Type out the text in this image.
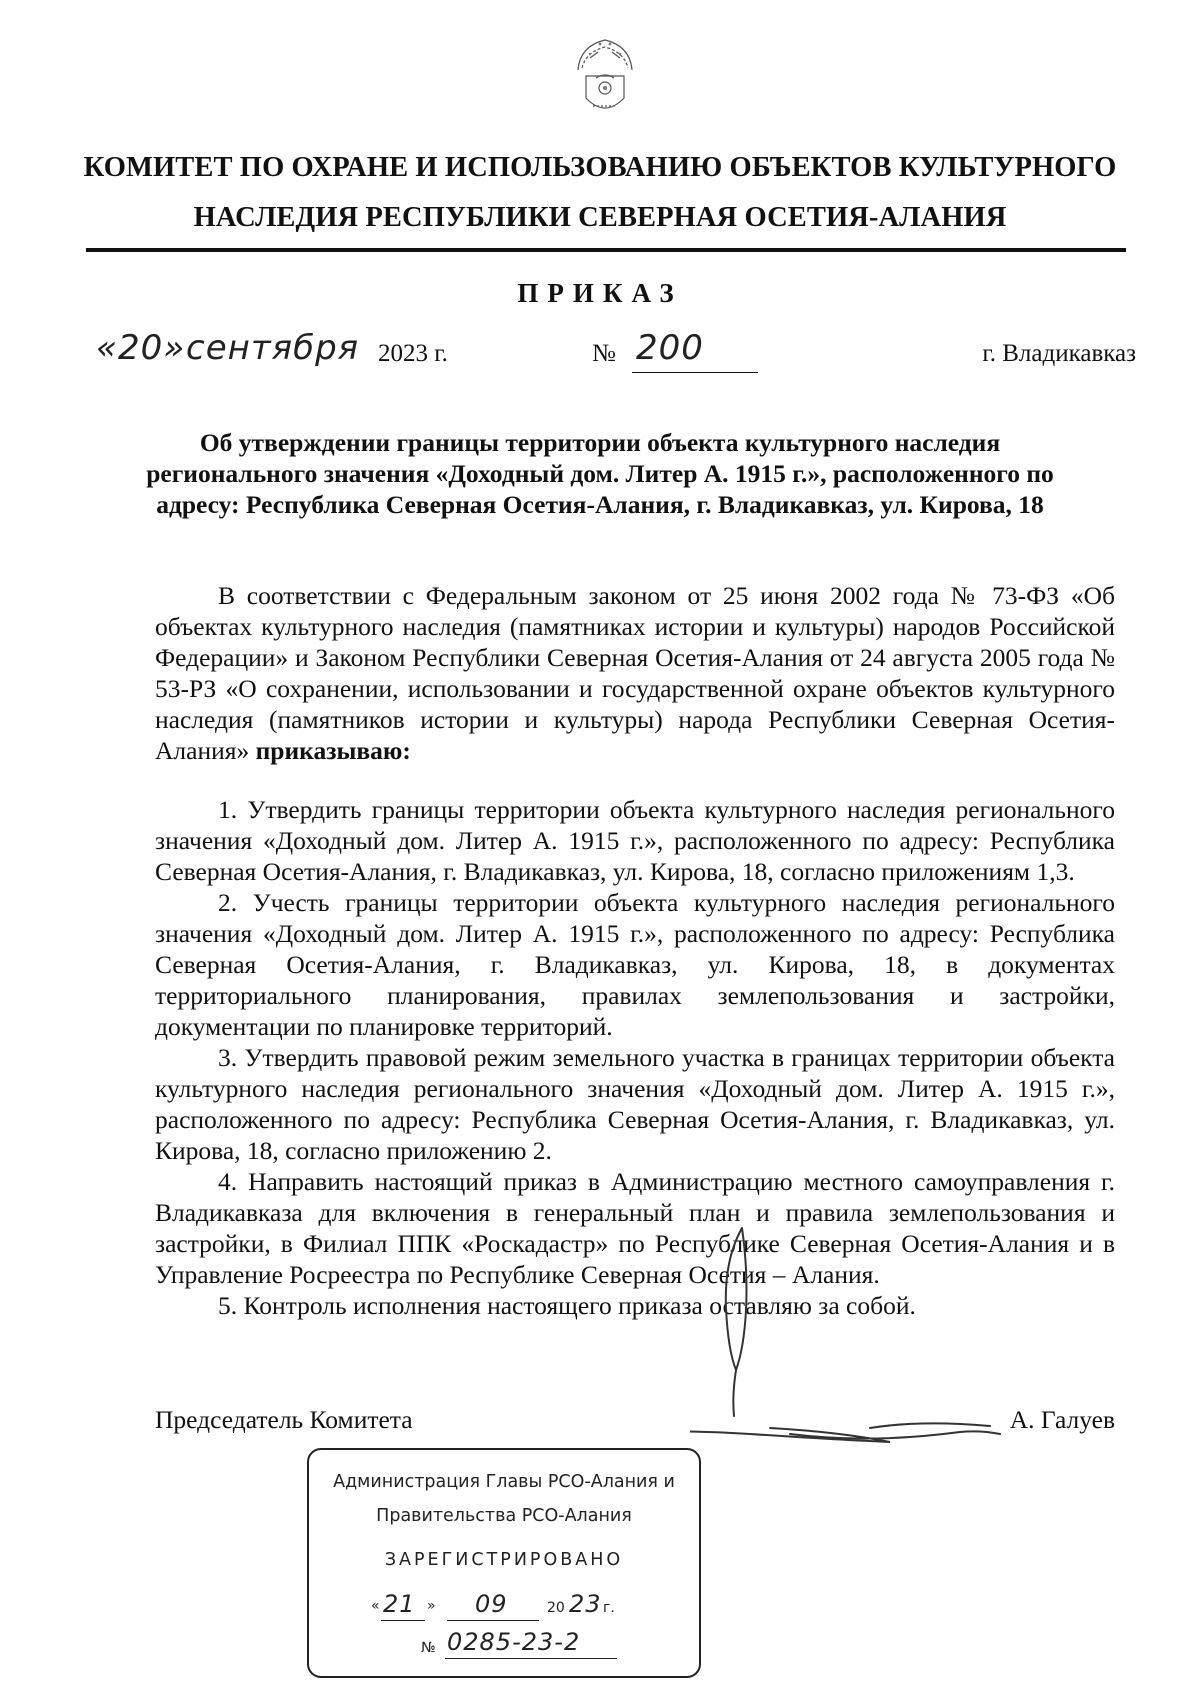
КОМИТЕТ ПО ОХРАНЕ И ИСПОЛЬЗОВАНИЮ ОБЪЕКТОВ КУЛЬТУРНОГО НАСЛЕДИЯ РЕСПУБЛИКИ СЕВЕРНАЯ ОСЕТИЯ-АЛАНИЯ
ПРИКАЗ
«20» сентября 2023 г.	№ 200	г. Владикавказ
Об утверждении границы территории объекта культурного наследия регионального значения «Доходный дом. Литер А. 1915 г.», расположенного по адресу: Республика Северная Осетия-Алания, г. Владикавказ, ул. Кирова, 18

В соответствии с Федеральным законом от 25 июня 2002 года № 73-ФЗ «Об объектах культурного наследия (памятниках истории и культуры) народов Российской Федерации» и Законом Республики Северная Осетия-Алания от 24 августа 2005 года № 53-РЗ «О сохранении, использовании и государственной охране объектов культурного наследия (памятников истории и культуры) народа Республики Северная Осетия-Алания» приказываю:

1. Утвердить границы территории объекта культурного наследия регионального значения «Доходный дом. Литер А. 1915 г.», расположенного по адресу: Республика Северная Осетия-Алания, г. Владикавказ, ул. Кирова, 18, согласно приложениям 1,3.

2. Учесть границы территории объекта культурного наследия регионального значения «Доходный дом. Литер А. 1915 г.», расположенного по адресу: Республика Северная Осетия-Алания, г. Владикавказ, ул. Кирова, 18, в документах территориального планирования, правилах землепользования и застройки, документации по планировке территорий.

3. Утвердить правовой режим земельного участка в границах территории объекта культурного наследия регионального значения «Доходный дом. Литер А. 1915 г.», расположенного по адресу: Республика Северная Осетия-Алания, г. Владикавказ, ул. Кирова, 18, согласно приложению 2.

4. Направить настоящий приказ в Администрацию местного самоуправления г. Владикавказа для включения в генеральный план и правила землепользования и застройки, в Филиал ППК «Роскадастр» по Республике Северная Осетия-Алания и в Управление Росреестра по Республике Северная Осетия – Алания.

5. Контроль исполнения настоящего приказа оставляю за собой.

Председатель Комитета	А. Галуев
Администрация Главы РСО-Алания и
Правительства РСО-Алания
ЗАРЕГИСТРИРОВАНО
« 21 » 09	20 23 г.
№ 0285-23-2
